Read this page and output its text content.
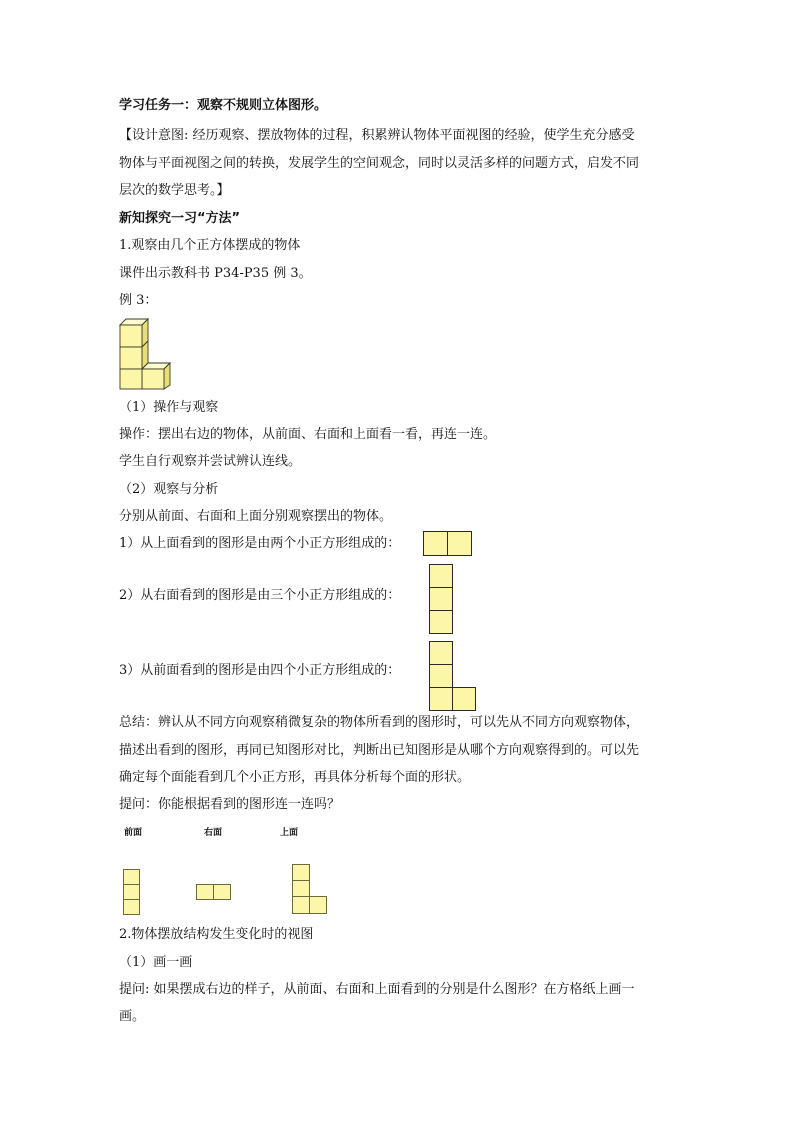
学习任务一：观察不规则立体图形。
【设计意图: 经历观察、摆放物体的过程，积累辨认物体平面视图的经验，使学生充分感受
物体与平面视图之间的转换，发展学生的空间观念，同时以灵活多样的问题方式，启发不同
层次的数学思考。】
新知探究一习“方法”
1.观察由几个正方体摆成的物体
课件出示教科书 P34-P35 例 3。
例 3：
（1）操作与观察
操作：摆出右边的物体，从前面、右面和上面看一看，再连一连。
学生自行观察并尝试辨认连线。
（2）观察与分析
分别从前面、右面和上面分别观察摆出的物体。
1）从上面看到的图形是由两个小正方形组成的：
2）从右面看到的图形是由三个小正方形组成的：
3）从前面看到的图形是由四个小正方形组成的：
总结：辨认从不同方向观察稍微复杂的物体所看到的图形时，可以先从不同方向观察物体，
描述出看到的图形，再同已知图形对比，判断出已知图形是从哪个方向观察得到的。可以先
确定每个面能看到几个小正方形，再具体分析每个面的形状。
提问：你能根据看到的图形连一连吗？
前面	右面	上面
2.物体摆放结构发生变化时的视图
（1）画一画
提问: 如果摆成右边的样子，从前面、右面和上面看到的分别是什么图形？在方格纸上画一
画。
